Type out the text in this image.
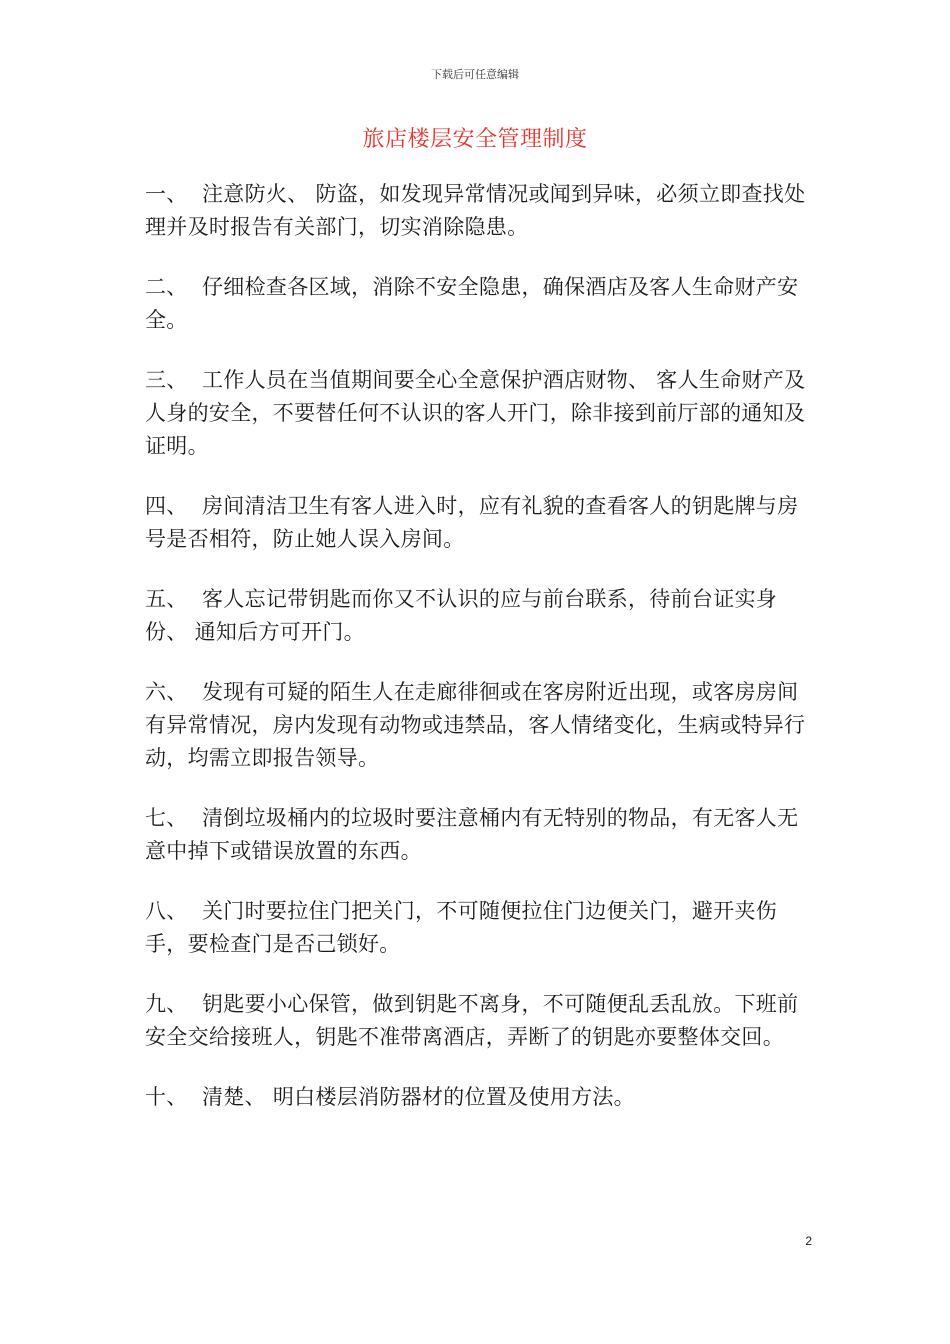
下载后可任意编辑
旅店楼层安全管理制度

一、 注意防火、 防盗，如发现异常情况或闻到异味，必须立即查找处理并及时报告有关部门，切实消除隐患。

二、 仔细检查各区域，消除不安全隐患，确保酒店及客人生命财产安全。

三、 工作人员在当值期间要全心全意保护酒店财物、 客人生命财产及人身的安全，不要替任何不认识的客人开门，除非接到前厅部的通知及证明。

四、 房间清洁卫生有客人进入时，应有礼貌的查看客人的钥匙牌与房号是否相符，防止她人误入房间。

五、 客人忘记带钥匙而你又不认识的应与前台联系，待前台证实身份、 通知后方可开门。

六、 发现有可疑的陌生人在走廊徘徊或在客房附近出现，或客房房间有异常情况，房内发现有动物或违禁品，客人情绪变化，生病或特异行动，均需立即报告领导。

七、 清倒垃圾桶内的垃圾时要注意桶内有无特别的物品，有无客人无意中掉下或错误放置的东西。

八、 关门时要拉住门把关门，不可随便拉住门边便关门，避开夹伤手，要检查门是否己锁好。

九、 钥匙要小心保管，做到钥匙不离身，不可随便乱丢乱放。下班前安全交给接班人，钥匙不准带离酒店，弄断了的钥匙亦要整体交回。

十、 清楚、 明白楼层消防器材的位置及使用方法。

2
